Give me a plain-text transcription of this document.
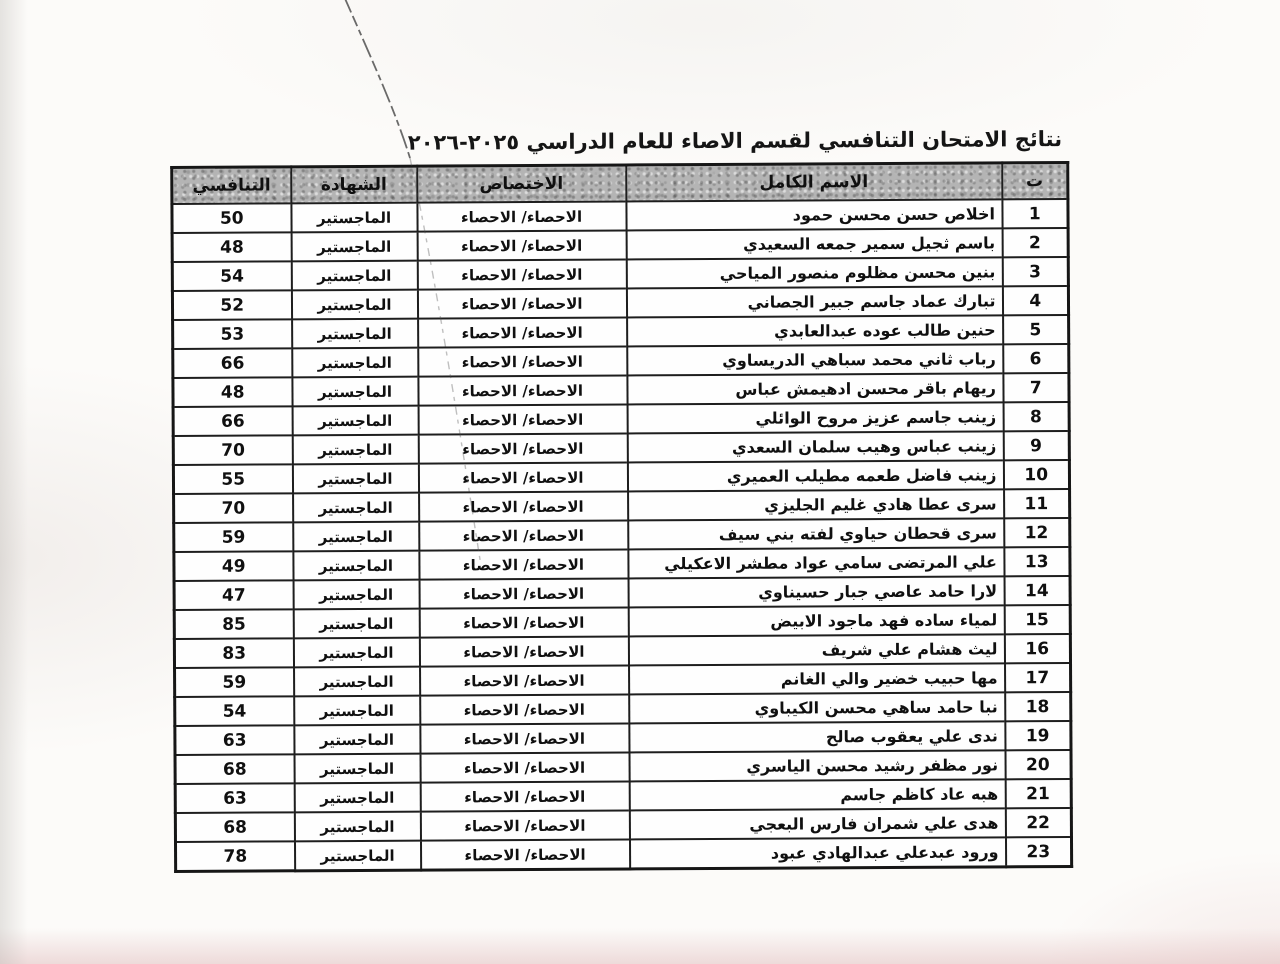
نتائج الامتحان التنافسي لقسم الاصاء للعام الدراسي ٢٠٢٥-٢٠٢٦
ت	الاسم الكامل	الاختصاص	الشهادة	التنافسي
1	اخلاص حسن محسن حمود	الاحصاء/ الاحصاء	الماجستير	50
2	باسم ثجيل سمير جمعه السعيدي	الاحصاء/ الاحصاء	الماجستير	48
3	بنين محسن مظلوم منصور المياحي	الاحصاء/ الاحصاء	الماجستير	54
4	تبارك عماد جاسم جبير الجصاني	الاحصاء/ الاحصاء	الماجستير	52
5	حنين طالب عوده عبدالعابدي	الاحصاء/ الاحصاء	الماجستير	53
6	رباب ثاني محمد سباهي الدريساوي	الاحصاء/ الاحصاء	الماجستير	66
7	ريهام باقر محسن ادهيمش عباس	الاحصاء/ الاحصاء	الماجستير	48
8	زينب جاسم عزيز مروح الوائلي	الاحصاء/ الاحصاء	الماجستير	66
9	زينب عباس وهيب سلمان السعدي	الاحصاء/ الاحصاء	الماجستير	70
10	زينب فاضل طعمه مطيلب العميري	الاحصاء/ الاحصاء	الماجستير	55
11	سرى عطا هادي غليم الجليزي	الاحصاء/ الاحصاء	الماجستير	70
12	سرى قحطان حياوي لفته بني سيف	الاحصاء/ الاحصاء	الماجستير	59
13	علي المرتضى سامي عواد مطشر الاعكيلي	الاحصاء/ الاحصاء	الماجستير	49
14	لارا حامد عاصي جبار حسيناوي	الاحصاء/ الاحصاء	الماجستير	47
15	لمياء ساده فهد ماجود الابيض	الاحصاء/ الاحصاء	الماجستير	85
16	ليث هشام علي شريف	الاحصاء/ الاحصاء	الماجستير	83
17	مها حبيب خضير والي الغانم	الاحصاء/ الاحصاء	الماجستير	59
18	نبا حامد ساهي محسن الكيباوي	الاحصاء/ الاحصاء	الماجستير	54
19	ندى علي يعقوب صالح	الاحصاء/ الاحصاء	الماجستير	63
20	نور مظفر رشيد محسن الياسري	الاحصاء/ الاحصاء	الماجستير	68
21	هبه عاد كاظم جاسم	الاحصاء/ الاحصاء	الماجستير	63
22	هدى علي شمران فارس البعجي	الاحصاء/ الاحصاء	الماجستير	68
23	ورود عبدعلي عبدالهادي عبود	الاحصاء/ الاحصاء	الماجستير	78
